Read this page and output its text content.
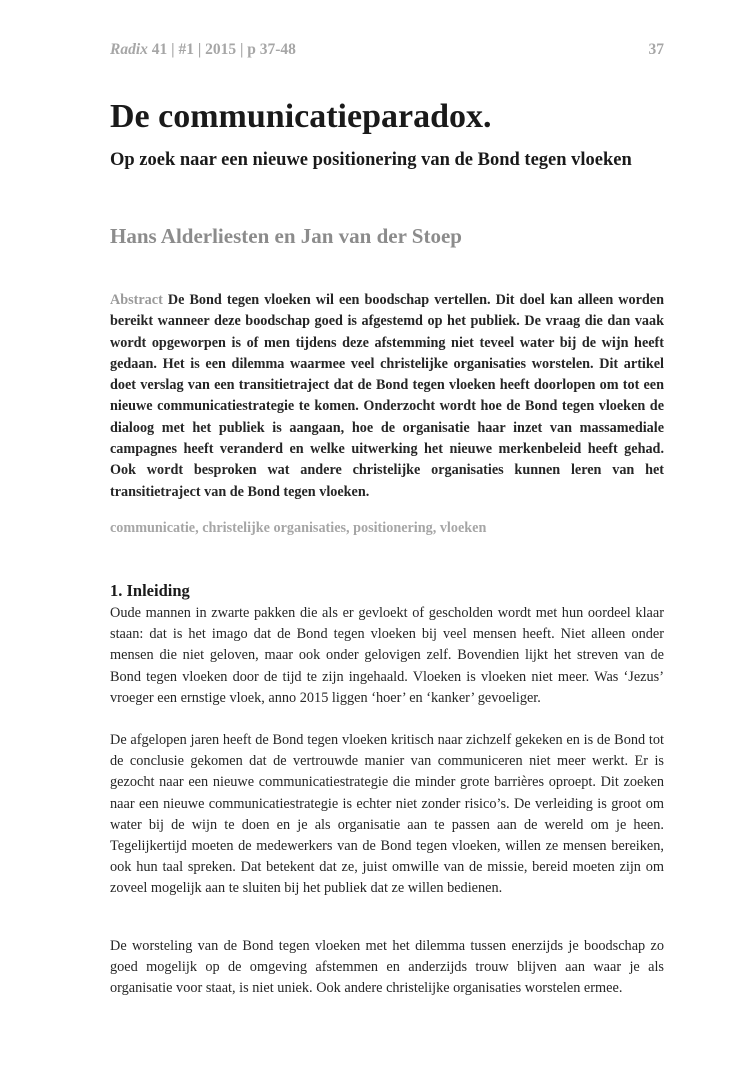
Radix 41 | #1 | 2015 | p 37-48	37
De communicatieparadox.
Op zoek naar een nieuwe positionering van de Bond tegen vloeken
Hans Alderliesten en Jan van der Stoep

Abstract De Bond tegen vloeken wil een boodschap vertellen. Dit doel kan alleen worden bereikt wanneer deze boodschap goed is afgestemd op het publiek. De vraag die dan vaak wordt opgeworpen is of men tijdens deze afstemming niet teveel water bij de wijn heeft gedaan. Het is een dilemma waarmee veel christelijke organisaties worstelen. Dit artikel doet verslag van een transitietraject dat de Bond tegen vloeken heeft doorlopen om tot een nieuwe communicatiestrategie te komen. Onderzocht wordt hoe de Bond tegen vloeken de dialoog met het publiek is aangaan, hoe de organisatie haar inzet van massamediale campagnes heeft veranderd en welke uitwerking het nieuwe merkenbeleid heeft gehad. Ook wordt besproken wat andere christelijke organisaties kunnen leren van het transitietraject van de Bond tegen vloeken.

communicatie, christelijke organisaties, positionering, vloeken

1. Inleiding

Oude mannen in zwarte pakken die als er gevloekt of gescholden wordt met hun oordeel klaar staan: dat is het imago dat de Bond tegen vloeken bij veel mensen heeft. Niet alleen onder mensen die niet geloven, maar ook onder gelovigen zelf. Bovendien lijkt het streven van de Bond tegen vloeken door de tijd te zijn ingehaald. Vloeken is vloeken niet meer. Was ‘Jezus’ vroeger een ernstige vloek, anno 2015 liggen ‘hoer’ en ‘kanker’ gevoeliger.

De afgelopen jaren heeft de Bond tegen vloeken kritisch naar zichzelf gekeken en is de Bond tot de conclusie gekomen dat de vertrouwde manier van communiceren niet meer werkt. Er is gezocht naar een nieuwe communicatiestrategie die minder grote barrières oproept. Dit zoeken naar een nieuwe communicatiestrategie is echter niet zonder risico’s. De verleiding is groot om water bij de wijn te doen en je als organisatie aan te passen aan de wereld om je heen. Tegelijkertijd moeten de medewerkers van de Bond tegen vloeken, willen ze mensen bereiken, ook hun taal spreken. Dat betekent dat ze, juist omwille van de missie, bereid moeten zijn om zoveel mogelijk aan te sluiten bij het publiek dat ze willen bedienen.

De worsteling van de Bond tegen vloeken met het dilemma tussen enerzijds je boodschap zo goed mogelijk op de omgeving afstemmen en anderzijds trouw blijven aan waar je als organisatie voor staat, is niet uniek. Ook andere christelijke organisaties worstelen ermee.
